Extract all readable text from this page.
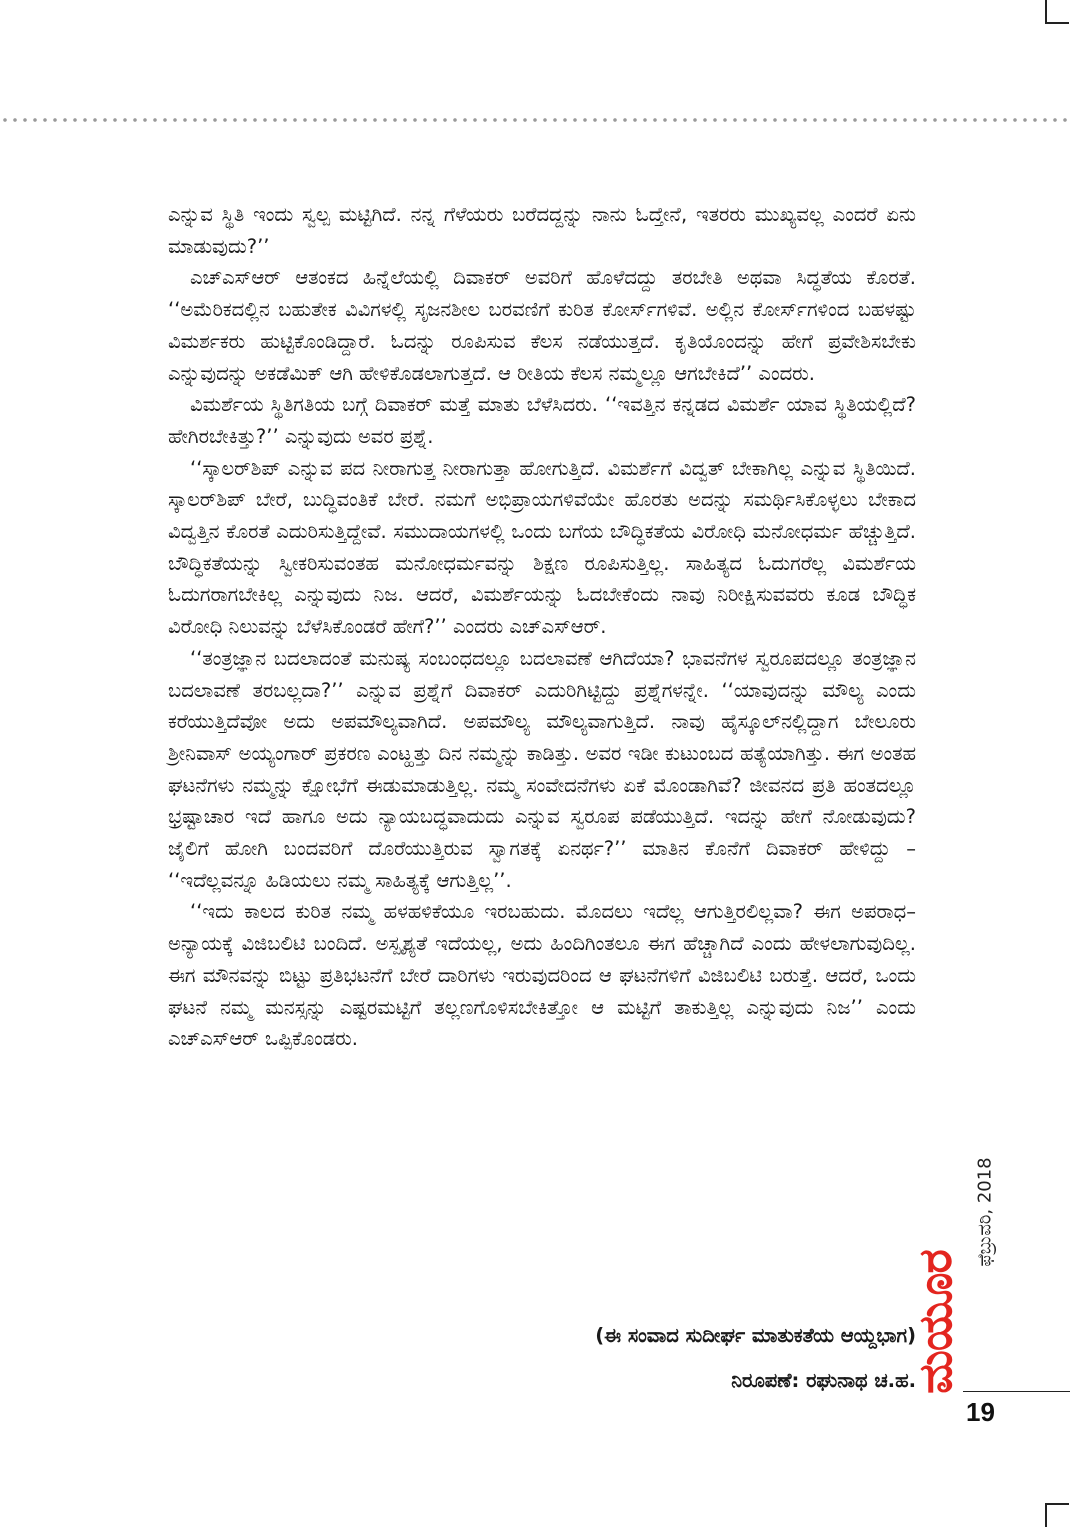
ಎನ್ನುವ ಸ್ಥಿತಿ ಇಂದು ಸ್ವಲ್ಪ ಮಟ್ಟಿಗಿದೆ. ನನ್ನ ಗೆಳೆಯರು ಬರೆದದ್ದನ್ನು ನಾನು ಓದ್ತೇನೆ, ಇತರರು ಮುಖ್ಯವಲ್ಲ ಎಂದರೆ ಏನು ಮಾಡುವುದು?’’

ಎಚ್‌ಎಸ್‌ಆರ್ ಆತಂಕದ ಹಿನ್ನೆಲೆಯಲ್ಲಿ ದಿವಾಕರ್ ಅವರಿಗೆ ಹೊಳೆದದ್ದು ತರಬೇತಿ ಅಥವಾ ಸಿದ್ಧತೆಯ ಕೊರತೆ. ‘‘ಅಮೆರಿಕದಲ್ಲಿನ ಬಹುತೇಕ ವಿವಿಗಳಲ್ಲಿ ಸೃಜನಶೀಲ ಬರವಣಿಗೆ ಕುರಿತ ಕೋರ್ಸ್‌ಗಳಿವೆ. ಅಲ್ಲಿನ ಕೋರ್ಸ್‌ಗಳಿಂದ ಬಹಳಷ್ಟು ವಿಮರ್ಶಕರು ಹುಟ್ಟಿಕೊಂಡಿದ್ದಾರೆ. ಓದನ್ನು ರೂಪಿಸುವ ಕೆಲಸ ನಡೆಯುತ್ತದೆ. ಕೃತಿಯೊಂದನ್ನು ಹೇಗೆ ಪ್ರವೇಶಿಸಬೇಕು ಎನ್ನುವುದನ್ನು ಅಕಡೆಮಿಕ್ ಆಗಿ ಹೇಳಿಕೊಡಲಾಗುತ್ತದೆ. ಆ ರೀತಿಯ ಕೆಲಸ ನಮ್ಮಲ್ಲೂ ಆಗಬೇಕಿದೆ’’ ಎಂದರು.

ವಿಮರ್ಶೆಯ ಸ್ಥಿತಿಗತಿಯ ಬಗ್ಗೆ ದಿವಾಕರ್ ಮತ್ತೆ ಮಾತು ಬೆಳೆಸಿದರು. ‘‘ಇವತ್ತಿನ ಕನ್ನಡದ ವಿಮರ್ಶೆ ಯಾವ ಸ್ಥಿತಿಯಲ್ಲಿದೆ? ಹೇಗಿರಬೇಕಿತ್ತು?’’ ಎನ್ನುವುದು ಅವರ ಪ್ರಶ್ನೆ.

‘‘ಸ್ಕಾಲರ್‌ಶಿಪ್ ಎನ್ನುವ ಪದ ನೀರಾಗುತ್ತ ನೀರಾಗುತ್ತಾ ಹೋಗುತ್ತಿದೆ. ವಿಮರ್ಶೆಗೆ ವಿದ್ವತ್ ಬೇಕಾಗಿಲ್ಲ ಎನ್ನುವ ಸ್ಥಿತಿಯಿದೆ. ಸ್ಕಾಲರ್‌ಶಿಪ್ ಬೇರೆ, ಬುದ್ಧಿವಂತಿಕೆ ಬೇರೆ. ನಮಗೆ ಅಭಿಪ್ರಾಯಗಳಿವೆಯೇ ಹೊರತು ಅದನ್ನು ಸಮರ್ಥಿಸಿಕೊಳ್ಳಲು ಬೇಕಾದ ವಿದ್ವತ್ತಿನ ಕೊರತೆ ಎದುರಿಸುತ್ತಿದ್ದೇವೆ. ಸಮುದಾಯಗಳಲ್ಲಿ ಒಂದು ಬಗೆಯ ಬೌದ್ಧಿಕತೆಯ ವಿರೋಧಿ ಮನೋಧರ್ಮ ಹೆಚ್ಚುತ್ತಿದೆ. ಬೌದ್ಧಿಕತೆಯನ್ನು ಸ್ವೀಕರಿಸುವಂತಹ ಮನೋಧರ್ಮವನ್ನು ಶಿಕ್ಷಣ ರೂಪಿಸುತ್ತಿಲ್ಲ. ಸಾಹಿತ್ಯದ ಓದುಗರೆಲ್ಲ ವಿಮರ್ಶೆಯ ಓದುಗರಾಗಬೇಕಿಲ್ಲ ಎನ್ನುವುದು ನಿಜ. ಆದರೆ, ವಿಮರ್ಶೆಯನ್ನು ಓದಬೇಕೆಂದು ನಾವು ನಿರೀಕ್ಷಿಸುವವರು ಕೂಡ ಬೌದ್ಧಿಕ ವಿರೋಧಿ ನಿಲುವನ್ನು ಬೆಳೆಸಿಕೊಂಡರೆ ಹೇಗೆ?’’ ಎಂದರು ಎಚ್‌ಎಸ್‌ಆರ್.

‘‘ತಂತ್ರಜ್ಞಾನ ಬದಲಾದಂತೆ ಮನುಷ್ಯ ಸಂಬಂಧದಲ್ಲೂ ಬದಲಾವಣೆ ಆಗಿದೆಯಾ? ಭಾವನೆಗಳ ಸ್ವರೂಪದಲ್ಲೂ ತಂತ್ರಜ್ಞಾನ ಬದಲಾವಣೆ ತರಬಲ್ಲದಾ?’’ ಎನ್ನುವ ಪ್ರಶ್ನೆಗೆ ದಿವಾಕರ್ ಎದುರಿಗಿಟ್ಟಿದ್ದು ಪ್ರಶ್ನೆಗಳನ್ನೇ. ‘‘ಯಾವುದನ್ನು ಮೌಲ್ಯ ಎಂದು ಕರೆಯುತ್ತಿದೆವೋ ಅದು ಅಪಮೌಲ್ಯವಾಗಿದೆ. ಅಪಮೌಲ್ಯ ಮೌಲ್ಯವಾಗುತ್ತಿದೆ. ನಾವು ಹೈಸ್ಕೂಲ್‌ನಲ್ಲಿದ್ದಾಗ ಬೇಲೂರು ಶ್ರೀನಿವಾಸ್ ಅಯ್ಯಂಗಾರ್ ಪ್ರಕರಣ ಎಂಟ್ಹತ್ತು ದಿನ ನಮ್ಮನ್ನು ಕಾಡಿತ್ತು. ಅವರ ಇಡೀ ಕುಟುಂಬದ ಹತ್ಯೆಯಾಗಿತ್ತು. ಈಗ ಅಂತಹ ಘಟನೆಗಳು ನಮ್ಮನ್ನು ಕ್ಷೋಭೆಗೆ ಈಡುಮಾಡುತ್ತಿಲ್ಲ. ನಮ್ಮ ಸಂವೇದನೆಗಳು ಏಕೆ ಮೊಂಡಾಗಿವೆ? ಜೀವನದ ಪ್ರತಿ ಹಂತದಲ್ಲೂ ಭ್ರಷ್ಟಾಚಾರ ಇದೆ ಹಾಗೂ ಅದು ನ್ಯಾಯಬದ್ಧವಾದುದು ಎನ್ನುವ ಸ್ವರೂಪ ಪಡೆಯುತ್ತಿದೆ. ಇದನ್ನು ಹೇಗೆ ನೋಡುವುದು? ಜೈಲಿಗೆ ಹೋಗಿ ಬಂದವರಿಗೆ ದೊರೆಯುತ್ತಿರುವ ಸ್ವಾಗತಕ್ಕೆ ಏನರ್ಥ?’’ ಮಾತಿನ ಕೊನೆಗೆ ದಿವಾಕರ್ ಹೇಳಿದ್ದು – ‘‘ಇದೆಲ್ಲವನ್ನೂ ಹಿಡಿಯಲು ನಮ್ಮ ಸಾಹಿತ್ಯಕ್ಕೆ ಆಗುತ್ತಿಲ್ಲ’’.

‘‘ಇದು ಕಾಲದ ಕುರಿತ ನಮ್ಮ ಹಳಹಳಿಕೆಯೂ ಇರಬಹುದು. ಮೊದಲು ಇದೆಲ್ಲ ಆಗುತ್ತಿರಲಿಲ್ಲವಾ? ಈಗ ಅಪರಾಧ–ಅನ್ಯಾಯಕ್ಕೆ ವಿಜಿಬಲಿಟಿ ಬಂದಿದೆ. ಅಸ್ಪೃಶ್ಯತೆ ಇದೆಯಲ್ಲ, ಅದು ಹಿಂದಿಗಿಂತಲೂ ಈಗ ಹೆಚ್ಚಾಗಿದೆ ಎಂದು ಹೇಳಲಾಗುವುದಿಲ್ಲ. ಈಗ ಮೌನವನ್ನು ಬಿಟ್ಟು ಪ್ರತಿಭಟನೆಗೆ ಬೇರೆ ದಾರಿಗಳು ಇರುವುದರಿಂದ ಆ ಘಟನೆಗಳಿಗೆ ವಿಜಿಬಲಿಟಿ ಬರುತ್ತೆ. ಆದರೆ, ಒಂದು ಘಟನೆ ನಮ್ಮ ಮನಸ್ಸನ್ನು ಎಷ್ಟರಮಟ್ಟಿಗೆ ತಲ್ಲಣಗೊಳಿಸಬೇಕಿತ್ತೋ ಆ ಮಟ್ಟಿಗೆ ತಾಕುತ್ತಿಲ್ಲ ಎನ್ನುವುದು ನಿಜ’’ ಎಂದು ಎಚ್‌ಎಸ್‌ಆರ್ ಒಪ್ಪಿಕೊಂಡರು.

(ಈ ಸಂವಾದ ಸುದೀರ್ಘ ಮಾತುಕತೆಯ ಆಯ್ದಭಾಗ)
ನಿರೂಪಣೆ: ರಘುನಾಥ ಚ.ಹ.
ಫೆಬ್ರುವರಿ, 2018
ಮಯೂರ
19
